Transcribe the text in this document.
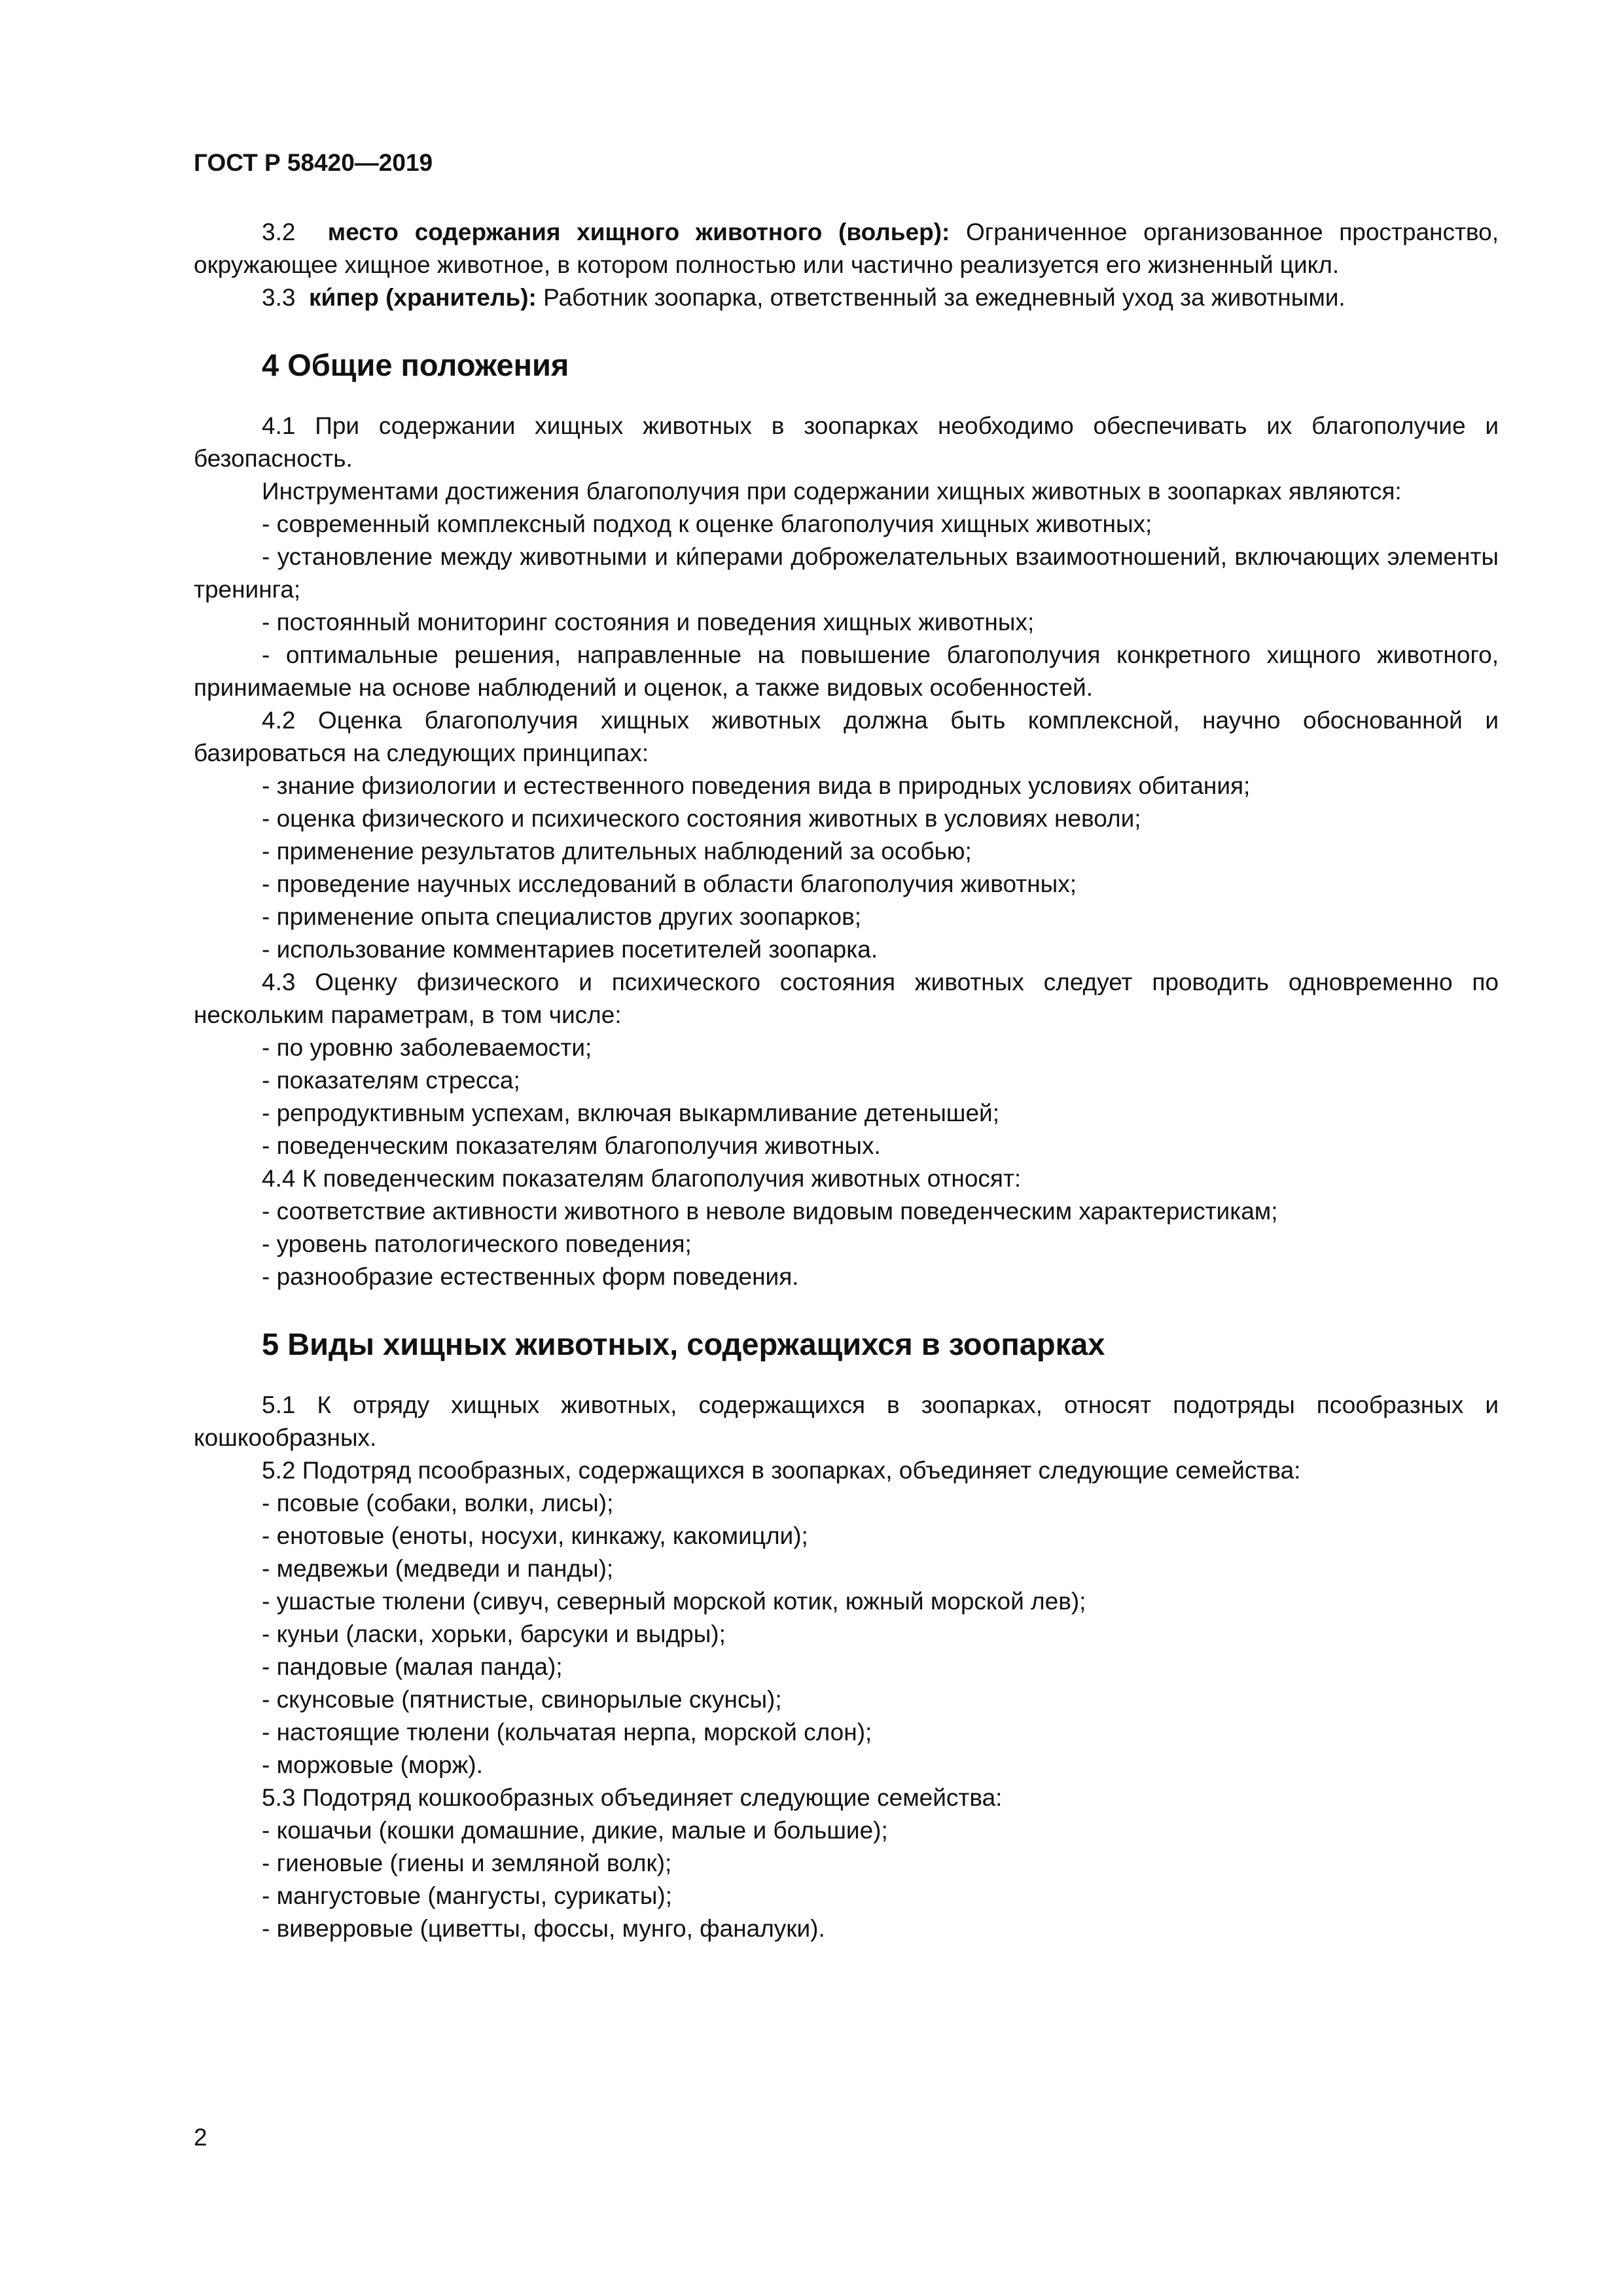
ГОСТ Р 58420—2019

3.2 место содержания хищного животного (вольер): Ограниченное организованное пространство, окружающее хищное животное, в котором полностью или частично реализуется его жизненный цикл.

3.3 ки́пер (хранитель): Работник зоопарка, ответственный за ежедневный уход за животными.

4 Общие положения

4.1 При содержании хищных животных в зоопарках необходимо обеспечивать их благополучие и безопасность.

Инструментами достижения благополучия при содержании хищных животных в зоопарках являются:

- современный комплексный подход к оценке благополучия хищных животных;

- установление между животными и ки́перами доброжелательных взаимоотношений, включающих элементы тренинга;

- постоянный мониторинг состояния и поведения хищных животных;

- оптимальные решения, направленные на повышение благополучия конкретного хищного животного, принимаемые на основе наблюдений и оценок, а также видовых особенностей.

4.2 Оценка благополучия хищных животных должна быть комплексной, научно обоснованной и базироваться на следующих принципах:

- знание физиологии и естественного поведения вида в природных условиях обитания;

- оценка физического и психического состояния животных в условиях неволи;

- применение результатов длительных наблюдений за особью;

- проведение научных исследований в области благополучия животных;

- применение опыта специалистов других зоопарков;

- использование комментариев посетителей зоопарка.

4.3 Оценку физического и психического состояния животных следует проводить одновременно по нескольким параметрам, в том числе:

- по уровню заболеваемости;

- показателям стресса;

- репродуктивным успехам, включая выкармливание детенышей;

- поведенческим показателям благополучия животных.

4.4 К поведенческим показателям благополучия животных относят:

- соответствие активности животного в неволе видовым поведенческим характеристикам;

- уровень патологического поведения;

- разнообразие естественных форм поведения.

5 Виды хищных животных, содержащихся в зоопарках

5.1 К отряду хищных животных, содержащихся в зоопарках, относят подотряды псообразных и кошкообразных.

5.2 Подотряд псообразных, содержащихся в зоопарках, объединяет следующие семейства:

- псовые (собаки, волки, лисы);

- енотовые (еноты, носухи, кинкажу, какомицли);

- медвежьи (медведи и панды);

- ушастые тюлени (сивуч, северный морской котик, южный морской лев);

- куньи (ласки, хорьки, барсуки и выдры);

- пандовые (малая панда);

- скунсовые (пятнистые, свинорылые скунсы);

- настоящие тюлени (кольчатая нерпа, морской слон);

- моржовые (морж).

5.3 Подотряд кошкообразных объединяет следующие семейства:

- кошачьи (кошки домашние, дикие, малые и большие);

- гиеновые (гиены и земляной волк);

- мангустовые (мангусты, сурикаты);

- виверровые (циветты, фоссы, мунго, фаналуки).

2
